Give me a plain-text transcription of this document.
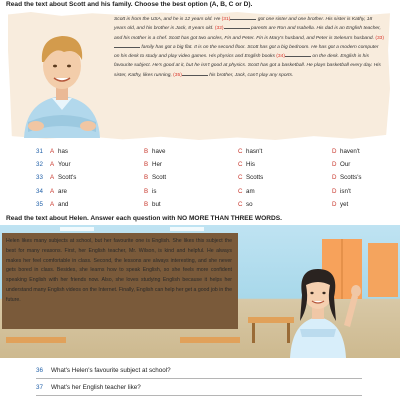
Read the text about Scott and his family. Choose the best option (A, B, C or D).
Scott is from the USA, and he is 12 years old. He (31)	got one sister and one brother. His sister is Kathy, 18 years old, and his brother is Jack, 8 years old. (32)	parents are Ron and Isabella. His dad is an English teacher, and his mother is a chef. Scott has got two uncles, Fin and Peter. Fin is Mary's husband, and Peter is Selena's husband. (33) family has got a big flat. It is on the second floor. Scott has got a big bedroom. He has got a modern computer on his desk to study and play video games. His physics and English books (34)	on the desk. English is his favourite subject. He's good at it, but he isn't good at physics. Scott has got a basketball. He plays basketball every day. His sister, Kathy, likes running, (35)	his brother, Jack, can't play any sports.
31 A has	B have	C hasn't	D haven't
32 A Your	B Her	C His	D Our
33 A Scott's	B Scott	C Scotts	D Scotts's
34 A are	B is	C am	D isn't
35 A and	B but	C so	D yet
Read the text about Helen. Answer each question with NO MORE THAN THREE WORDS.
Helen likes many subjects at school, but her favourite one is English. She likes this subject the best for many reasons. First, her English teacher, Mr. Wilson, is kind and helpful. He always makes her feel comfortable in class. Second, the lessons are always interesting, and she never gets bored in class. Besides, she learns how to speak English, so she feels more confident speaking English with her friends now. Also, she loves studying English because it helps her understand many English videos on the Internet. Finally, English can help her get a good job in the future.
36 What's Helen's favourite subject at school?
37 What's her English teacher like?
